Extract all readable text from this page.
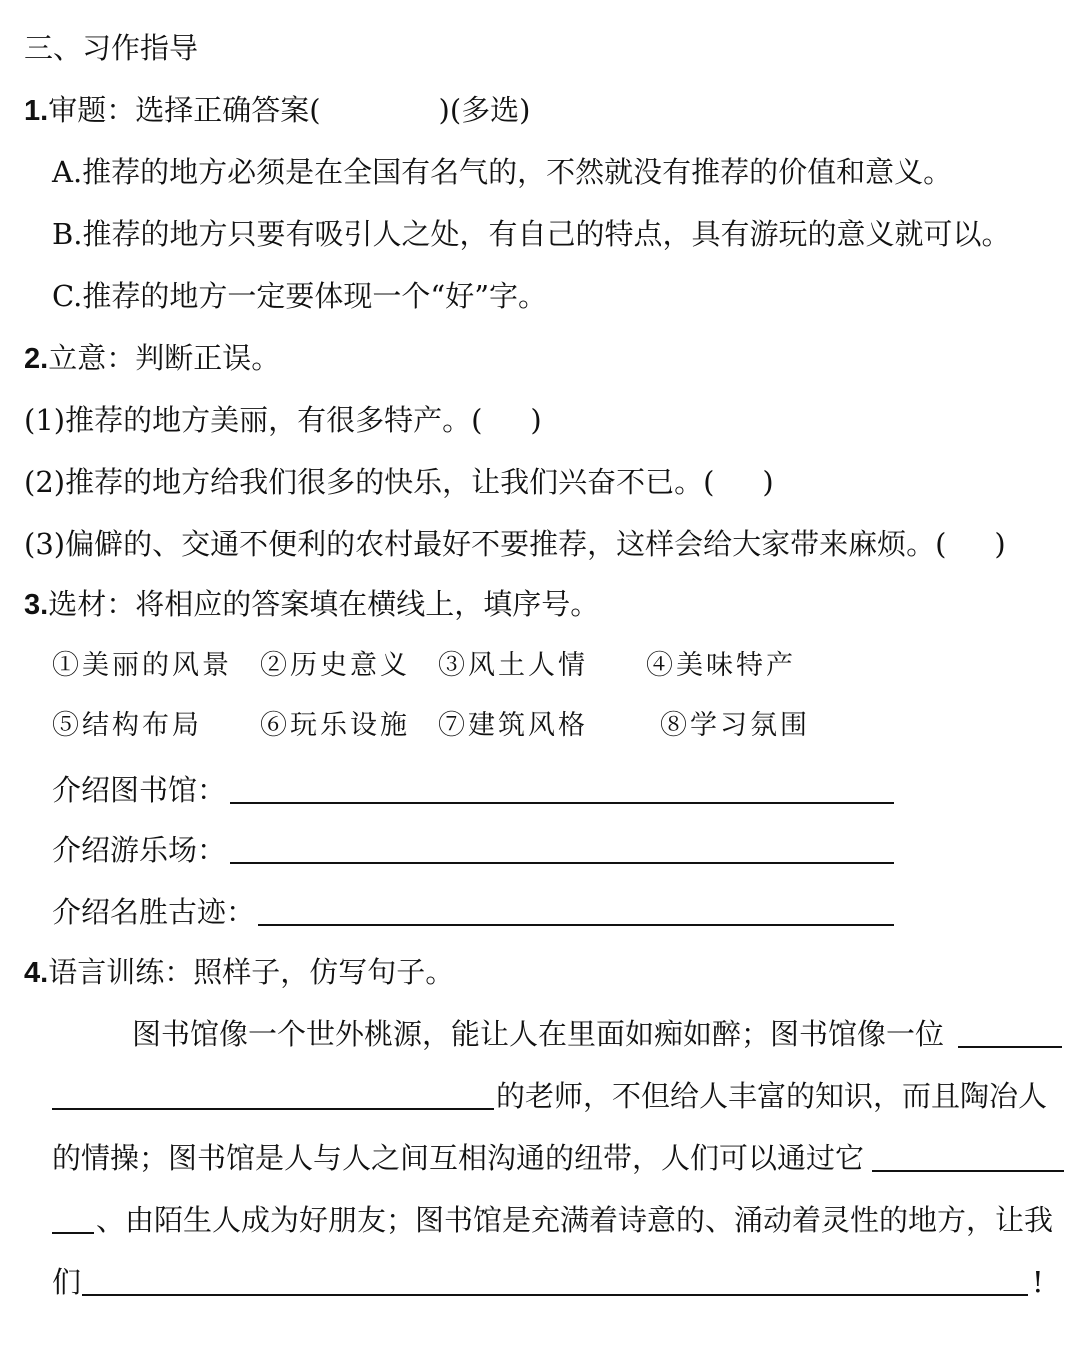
三、习作指导
1.审题：选择正确答案(	)(多选)
A.推荐的地方必须是在全国有名气的，不然就没有推荐的价值和意义。
B.推荐的地方只要有吸引人之处，有自己的特点，具有游玩的意义就可以。
C.推荐的地方一定要体现一个“好”字。
2.立意：判断正误。
(1)推荐的地方美丽，有很多特产。( )
(2)推荐的地方给我们很多的快乐，让我们兴奋不已。( )
(3)偏僻的、交通不便利的农村最好不要推荐，这样会给大家带来麻烦。( )
3.选材：将相应的答案填在横线上，填序号。
①美丽的风景 ②历史意义 ③风土人情 ④美味特产
⑤结构布局 ⑥玩乐设施 ⑦建筑风格	⑧学习氛围
介绍图书馆：
介绍游乐场：
介绍名胜古迹：
4.语言训练：照样子，仿写句子。
图书馆像一个世外桃源，能让人在里面如痴如醉；图书馆像一位
的老师，不但给人丰富的知识，而且陶冶人
的情操；图书馆是人与人之间互相沟通的纽带，人们可以通过它
、由陌生人成为好朋友；图书馆是充满着诗意的、涌动着灵性的地方，让我
们	!
